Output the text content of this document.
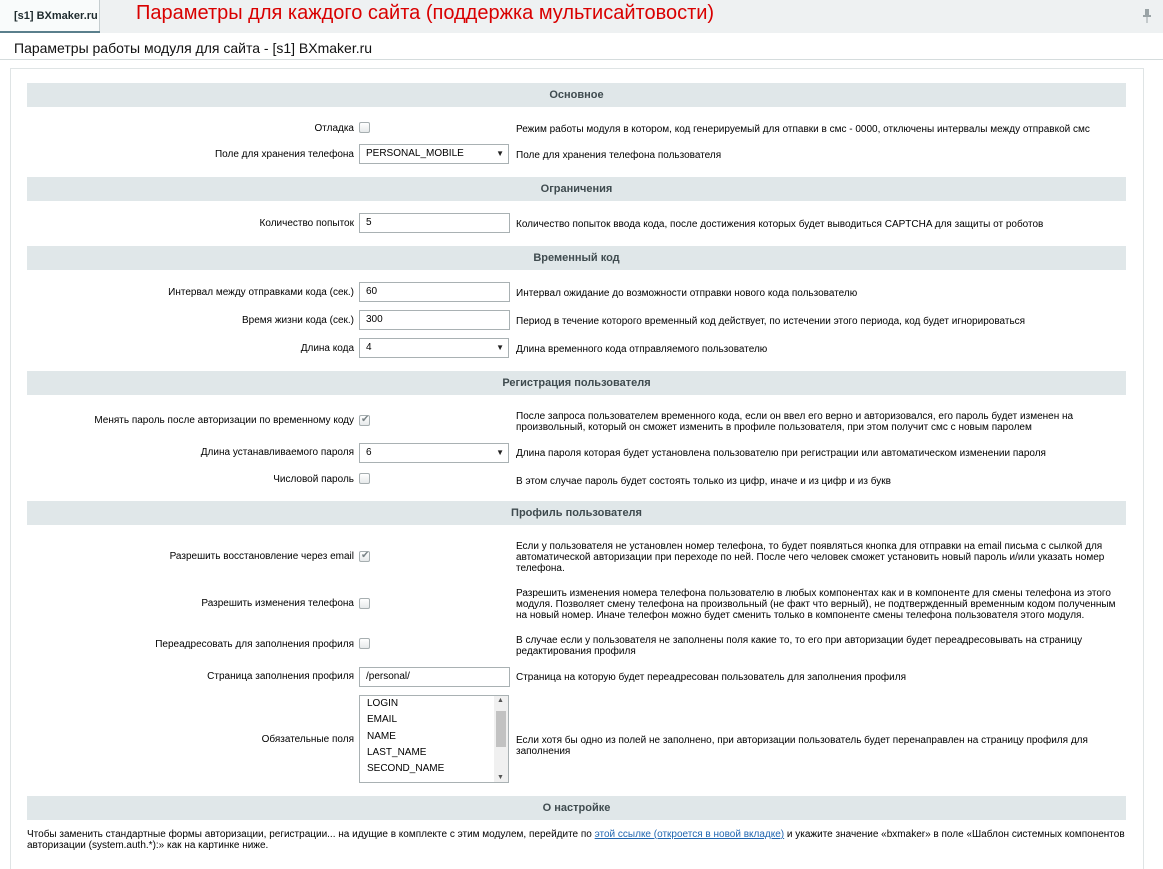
[s1] BXmaker.ru Параметры для каждого сайта (поддержка мультисайтовости)
Параметры работы модуля для сайта - [s1] BXmaker.ru
Основное
Отладка	Режим работы модуля в котором, код генерируемый для отпавки в смс - 0000, отключены интервалы между отправкой смс
Поле для хранения телефона	PERSONAL_MOBILE	▼ Поле для хранения телефона пользователя
Ограничения
Количество попыток	5	Количество попыток ввода кода, после достижения которых будет выводиться CAPTCHA для защиты от роботов
Временный код
Интервал между отправками кода (сек.)	60	Интервал ожидание до возможности отправки нового кода пользователю
Время жизни кода (сек.)	300	Период в течение которого временный код действует, по истечении этого периода, код будет игнорироваться
Длина кода	4	▼ Длина временного кода отправляемого пользователю
Регистрация пользователя
Менять пароль после авторизации по временному коду
✔	После запроса пользователем временного кода, если он ввел его верно и авторизовался, его пароль будет изменен на произвольный, который он сможет изменить в профиле пользователя, при этом получит смс с новым паролем
Длина устанавливаемого пароля	6	▼ Длина пароля которая будет установлена пользователю при регистрации или автоматическом изменении пароля
Числовой пароль	В этом случае пароль будет состоять только из цифр, иначе и из цифр и из букв
Профиль пользователя
Разрешить восстановление через email
✔
Если у пользователя не установлен номер телефона, то будет появляться кнопка для отправки на email письма с сылкой для автоматической авторизации при переходе по ней. После чего человек сможет установить новый пароль и/или указать номер телефона.
Разрешить изменения телефона
Разрешить изменения номера телефона пользователю в любых компонентах как и в компоненте для смены телефона из этого модуля. Позволяет смену телефона на произвольный (не факт что верный), не подтвержденный временным кодом полученным на новый номер. Иначе телефон можно будет сменить только в компоненте смены телефона пользователя этого модуля.
Переадресовать для заполнения профиля	В случае если у пользователя не заполнены поля какие то, то его при авторизации будет переадресовывать на страницу редактирования профиля
Страница заполнения профиля	/personal/	Страница на которую будет переадресован пользователь для заполнения профиля
Обязательные поля
LOGIN
EMAIL
NAME
LAST_NAME
SECOND_NAME
▲
▼
Если хотя бы одно из полей не заполнено, при авторизации пользователь будет перенаправлен на страницу профиля для заполнения
О настройке
Чтобы заменить стандартные формы авторизации, регистрации... на идущие в комплекте с этим модулем, перейдите по этой ссылке (откроется в новой вкладке) и укажите значение «bxmaker» в поле «Шаблон системных компонентов авторизации (system.auth.*):» как на картинке ниже.
